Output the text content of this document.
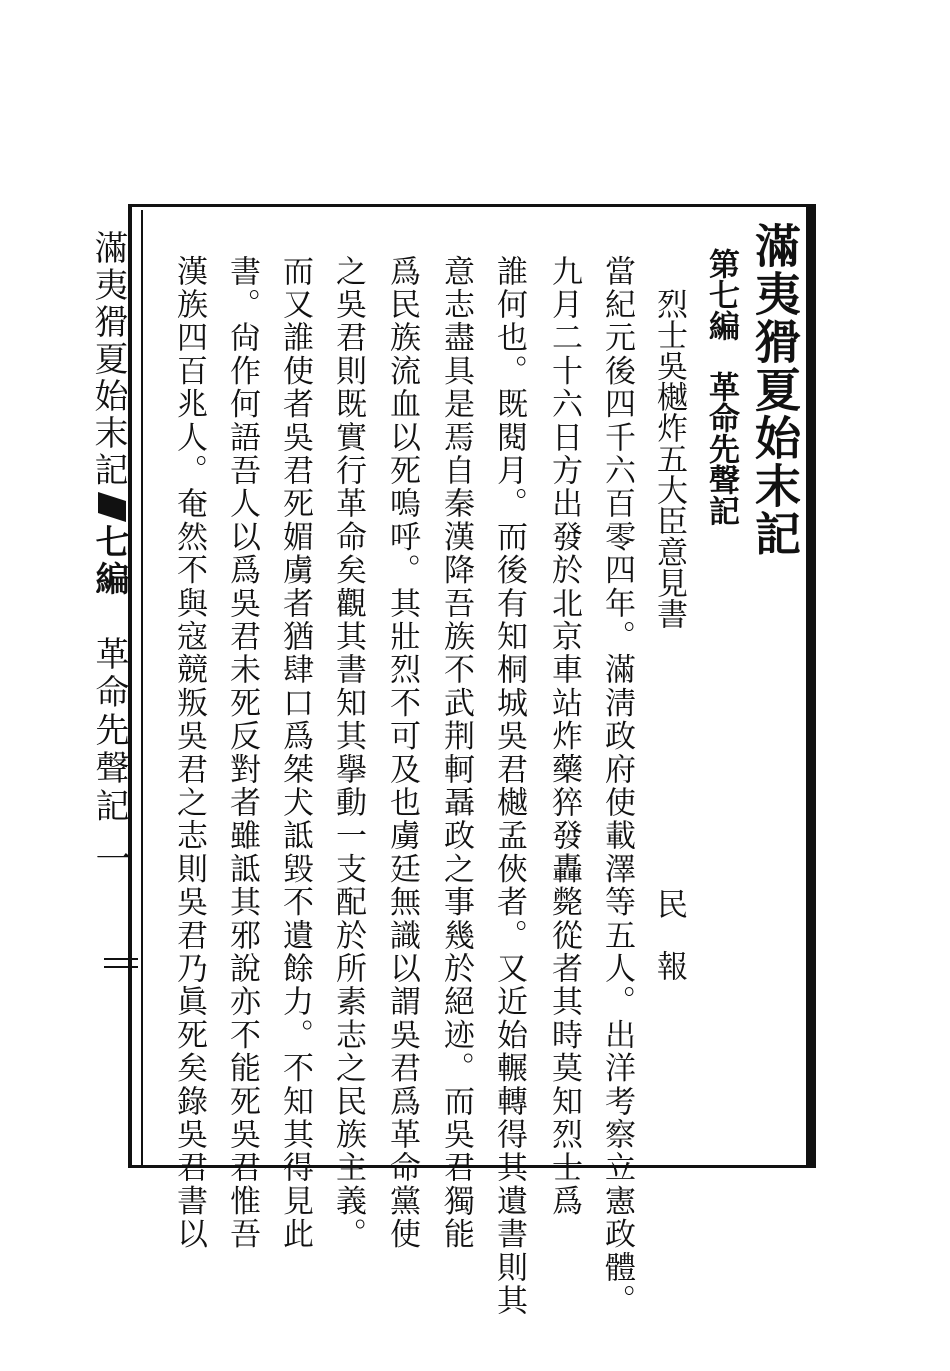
滿夷猾夏始末記
第七編革命先聲記
烈士吳樾炸五大臣意見書
民　報
當紀元後四千六百零四年。滿淸政府使載澤等五人。出洋考察立憲政體。
九月二十六日方出發於北京車站炸藥猝發轟斃從者其時莫知烈士爲
誰何也。既閱月。而後有知桐城吳君樾孟俠者。又近始輾轉得其遺書則其
意志盡具是焉自秦漢降吾族不武荆軻聶政之事幾於絕迹。而吳君獨能
爲民族流血以死嗚呼。其壯烈不可及也虜廷無識以謂吳君爲革命黨使
之吳君則既實行革命矣觀其書知其擧動一支配於所素志之民族主義。
而又誰使者吳君死媚虜者猶肆口爲桀犬詆毀不遺餘力。不知其得見此
書。尙作何語吾人以爲吳君未死反對者雖詆其邪說亦不能死吳君惟吾
漢族四百兆人。奄然不與寇競叛吳君之志則吳君乃眞死矣錄吳君書以
滿夷猾夏始末記
七編
革命先聲記
一
